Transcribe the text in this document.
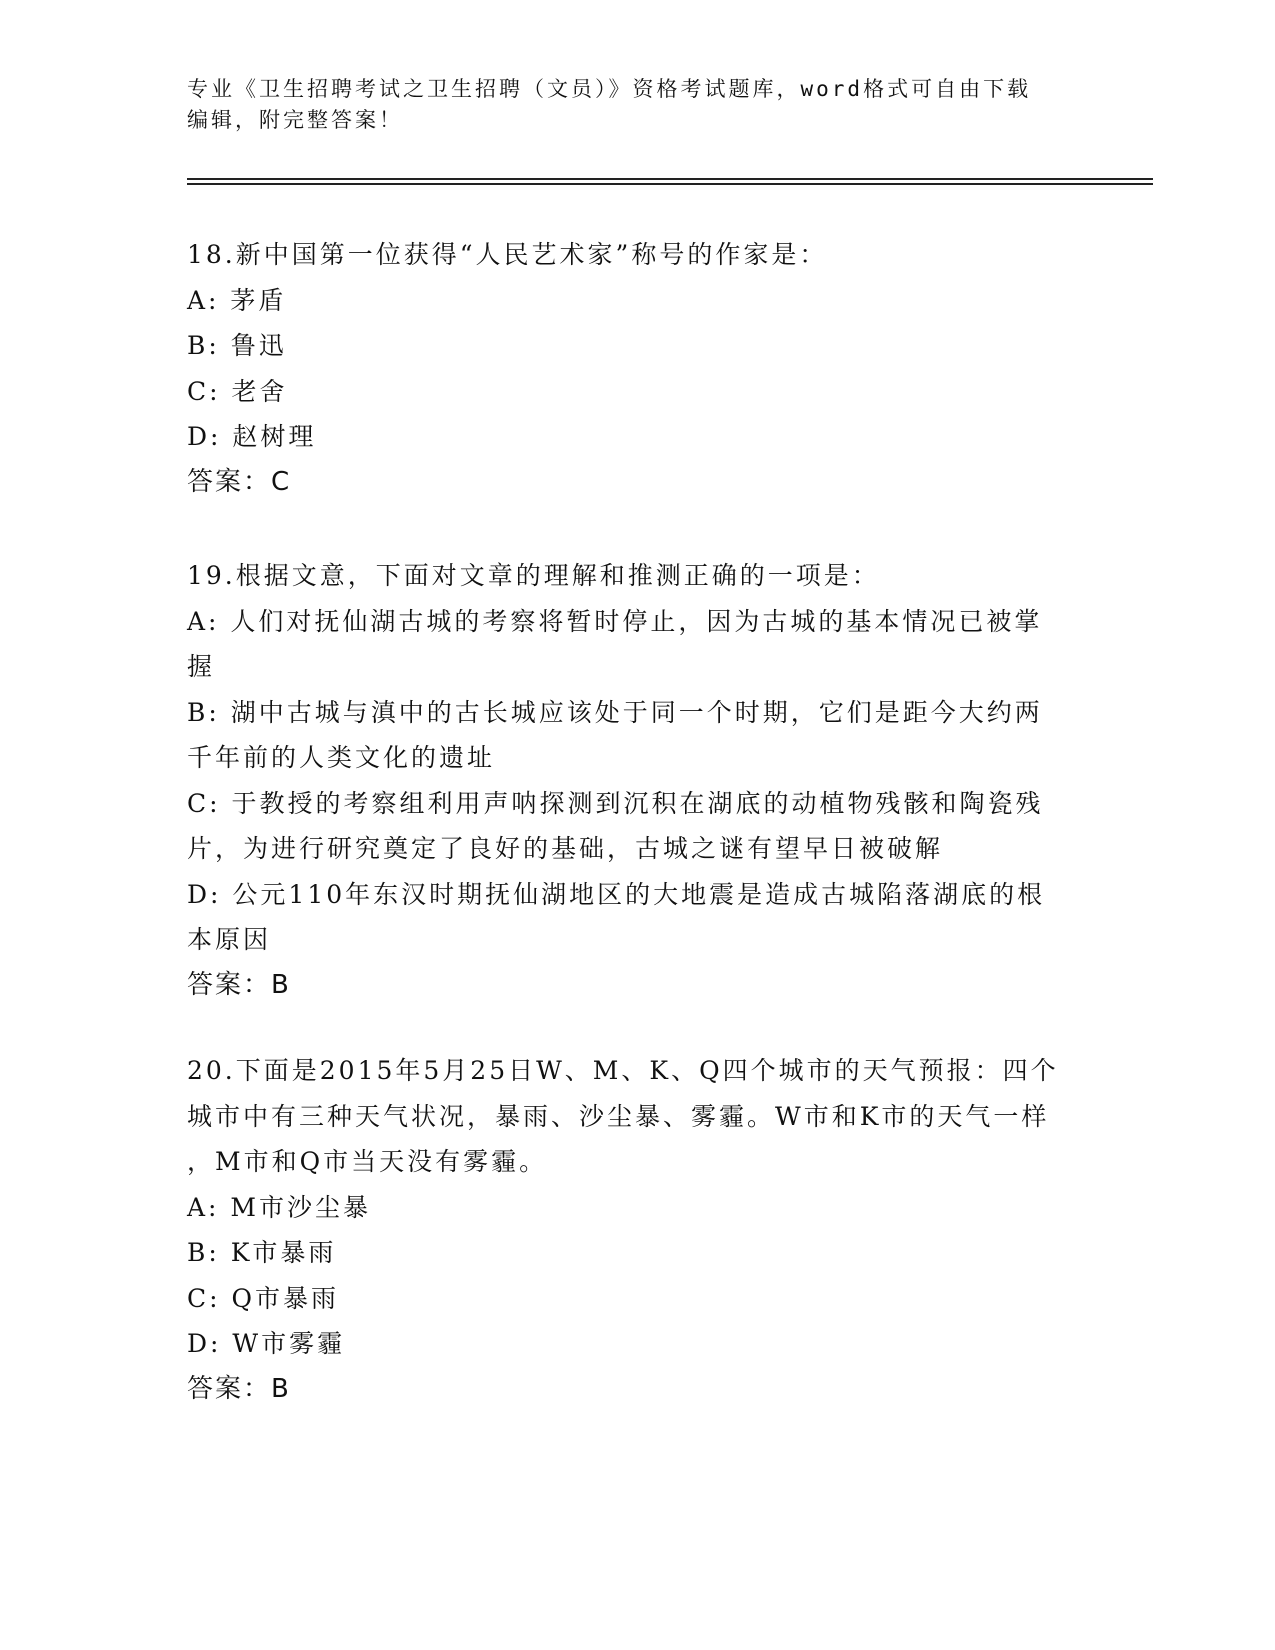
专业《卫生招聘考试之卫生招聘（文员）》资格考试题库，word格式可自由下载
编辑，附完整答案！
18.新中国第一位获得“人民艺术家”称号的作家是：
A: 茅盾
B: 鲁迅
C: 老舍
D: 赵树理
答案：C
19.根据文意，下面对文章的理解和推测正确的一项是：
A: 人们对抚仙湖古城的考察将暂时停止，因为古城的基本情况已被掌
握
B: 湖中古城与滇中的古长城应该处于同一个时期，它们是距今大约两
千年前的人类文化的遗址
C: 于教授的考察组利用声呐探测到沉积在湖底的动植物残骸和陶瓷残
片，为进行研究奠定了良好的基础，古城之谜有望早日被破解
D: 公元110年东汉时期抚仙湖地区的大地震是造成古城陷落湖底的根
本原因
答案：B
20.下面是2015年5月25日W、M、K、Q四个城市的天气预报：四个
城市中有三种天气状况，暴雨、沙尘暴、雾霾。W市和K市的天气一样
，M市和Q市当天没有雾霾。
A: M市沙尘暴
B: K市暴雨
C: Q市暴雨
D: W市雾霾
答案：B
